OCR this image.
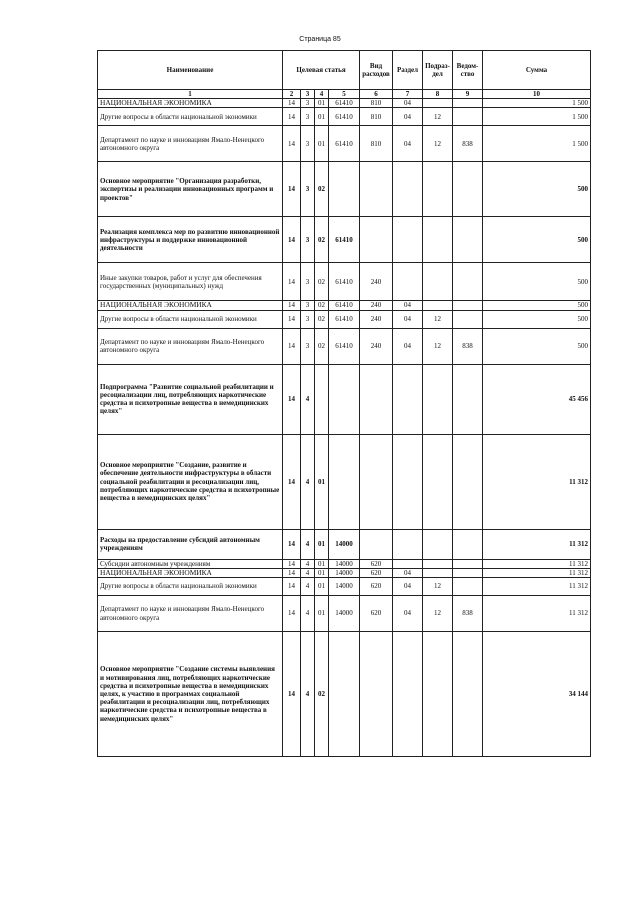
Страница 85
Наименование	Целевая статья				Вид расходов	Раздел	Подраз-дел	Ведом-ство	Сумма
1	2	3	4	5	6	7	8	9	10
НАЦИОНАЛЬНАЯ ЭКОНОМИКА	14	3	01	61410	810	04			1 500
Другие вопросы в области национальной экономики	14	3	01	61410	810	04	12		1 500
Департамент по науке и инновациям Ямало-Ненецкого автономного округа	14	3	01	61410	810	04	12	838	1 500
Основное мероприятие "Организация разработки, экспертизы и реализации инновационных программ и проектов"	14	3	02						500
Реализация комплекса мер по развитию инновационной инфраструктуры и поддержке инновационной деятельности	14	3	02	61410					500
Иные закупки товаров, работ и услуг для обеспечения государственных (муниципальных) нужд	14	3	02	61410	240				500
НАЦИОНАЛЬНАЯ ЭКОНОМИКА	14	3	02	61410	240	04			500
Другие вопросы в области национальной экономики	14	3	02	61410	240	04	12		500
Департамент по науке и инновациям Ямало-Ненецкого автономного округа	14	3	02	61410	240	04	12	838	500
Подпрограмма "Развитие социальной реабилитации и ресоциализации лиц, потребляющих наркотические средства и психотропные вещества в немедицинских целях"	14	4							45 456
Основное мероприятие "Создание, развитие и обеспечение деятельности инфраструктуры в области социальной реабилитации и ресоциализации лиц, потребляющих наркотические средства и психотропные вещества в немедицинских целях"	14	4	01						11 312
Расходы на предоставление субсидий автономным учреждениям	14	4	01	14000					11 312
Субсидии автономным учреждениям	14	4	01	14000	620				11 312
НАЦИОНАЛЬНАЯ ЭКОНОМИКА	14	4	01	14000	620	04			11 312
Другие вопросы в области национальной экономики	14	4	01	14000	620	04	12		11 312
Департамент по науке и инновациям Ямало-Ненецкого автономного округа	14	4	01	14000	620	04	12	838	11 312
Основное мероприятие "Создание системы выявления и мотивирования лиц, потребляющих наркотические средства и психотропные вещества в немедицинских целях, к участию в программах социальной реабилитации и ресоциализации лиц, потребляющих наркотические средства и психотропные вещества в немедицинских целях"	14	4	02						34 144
